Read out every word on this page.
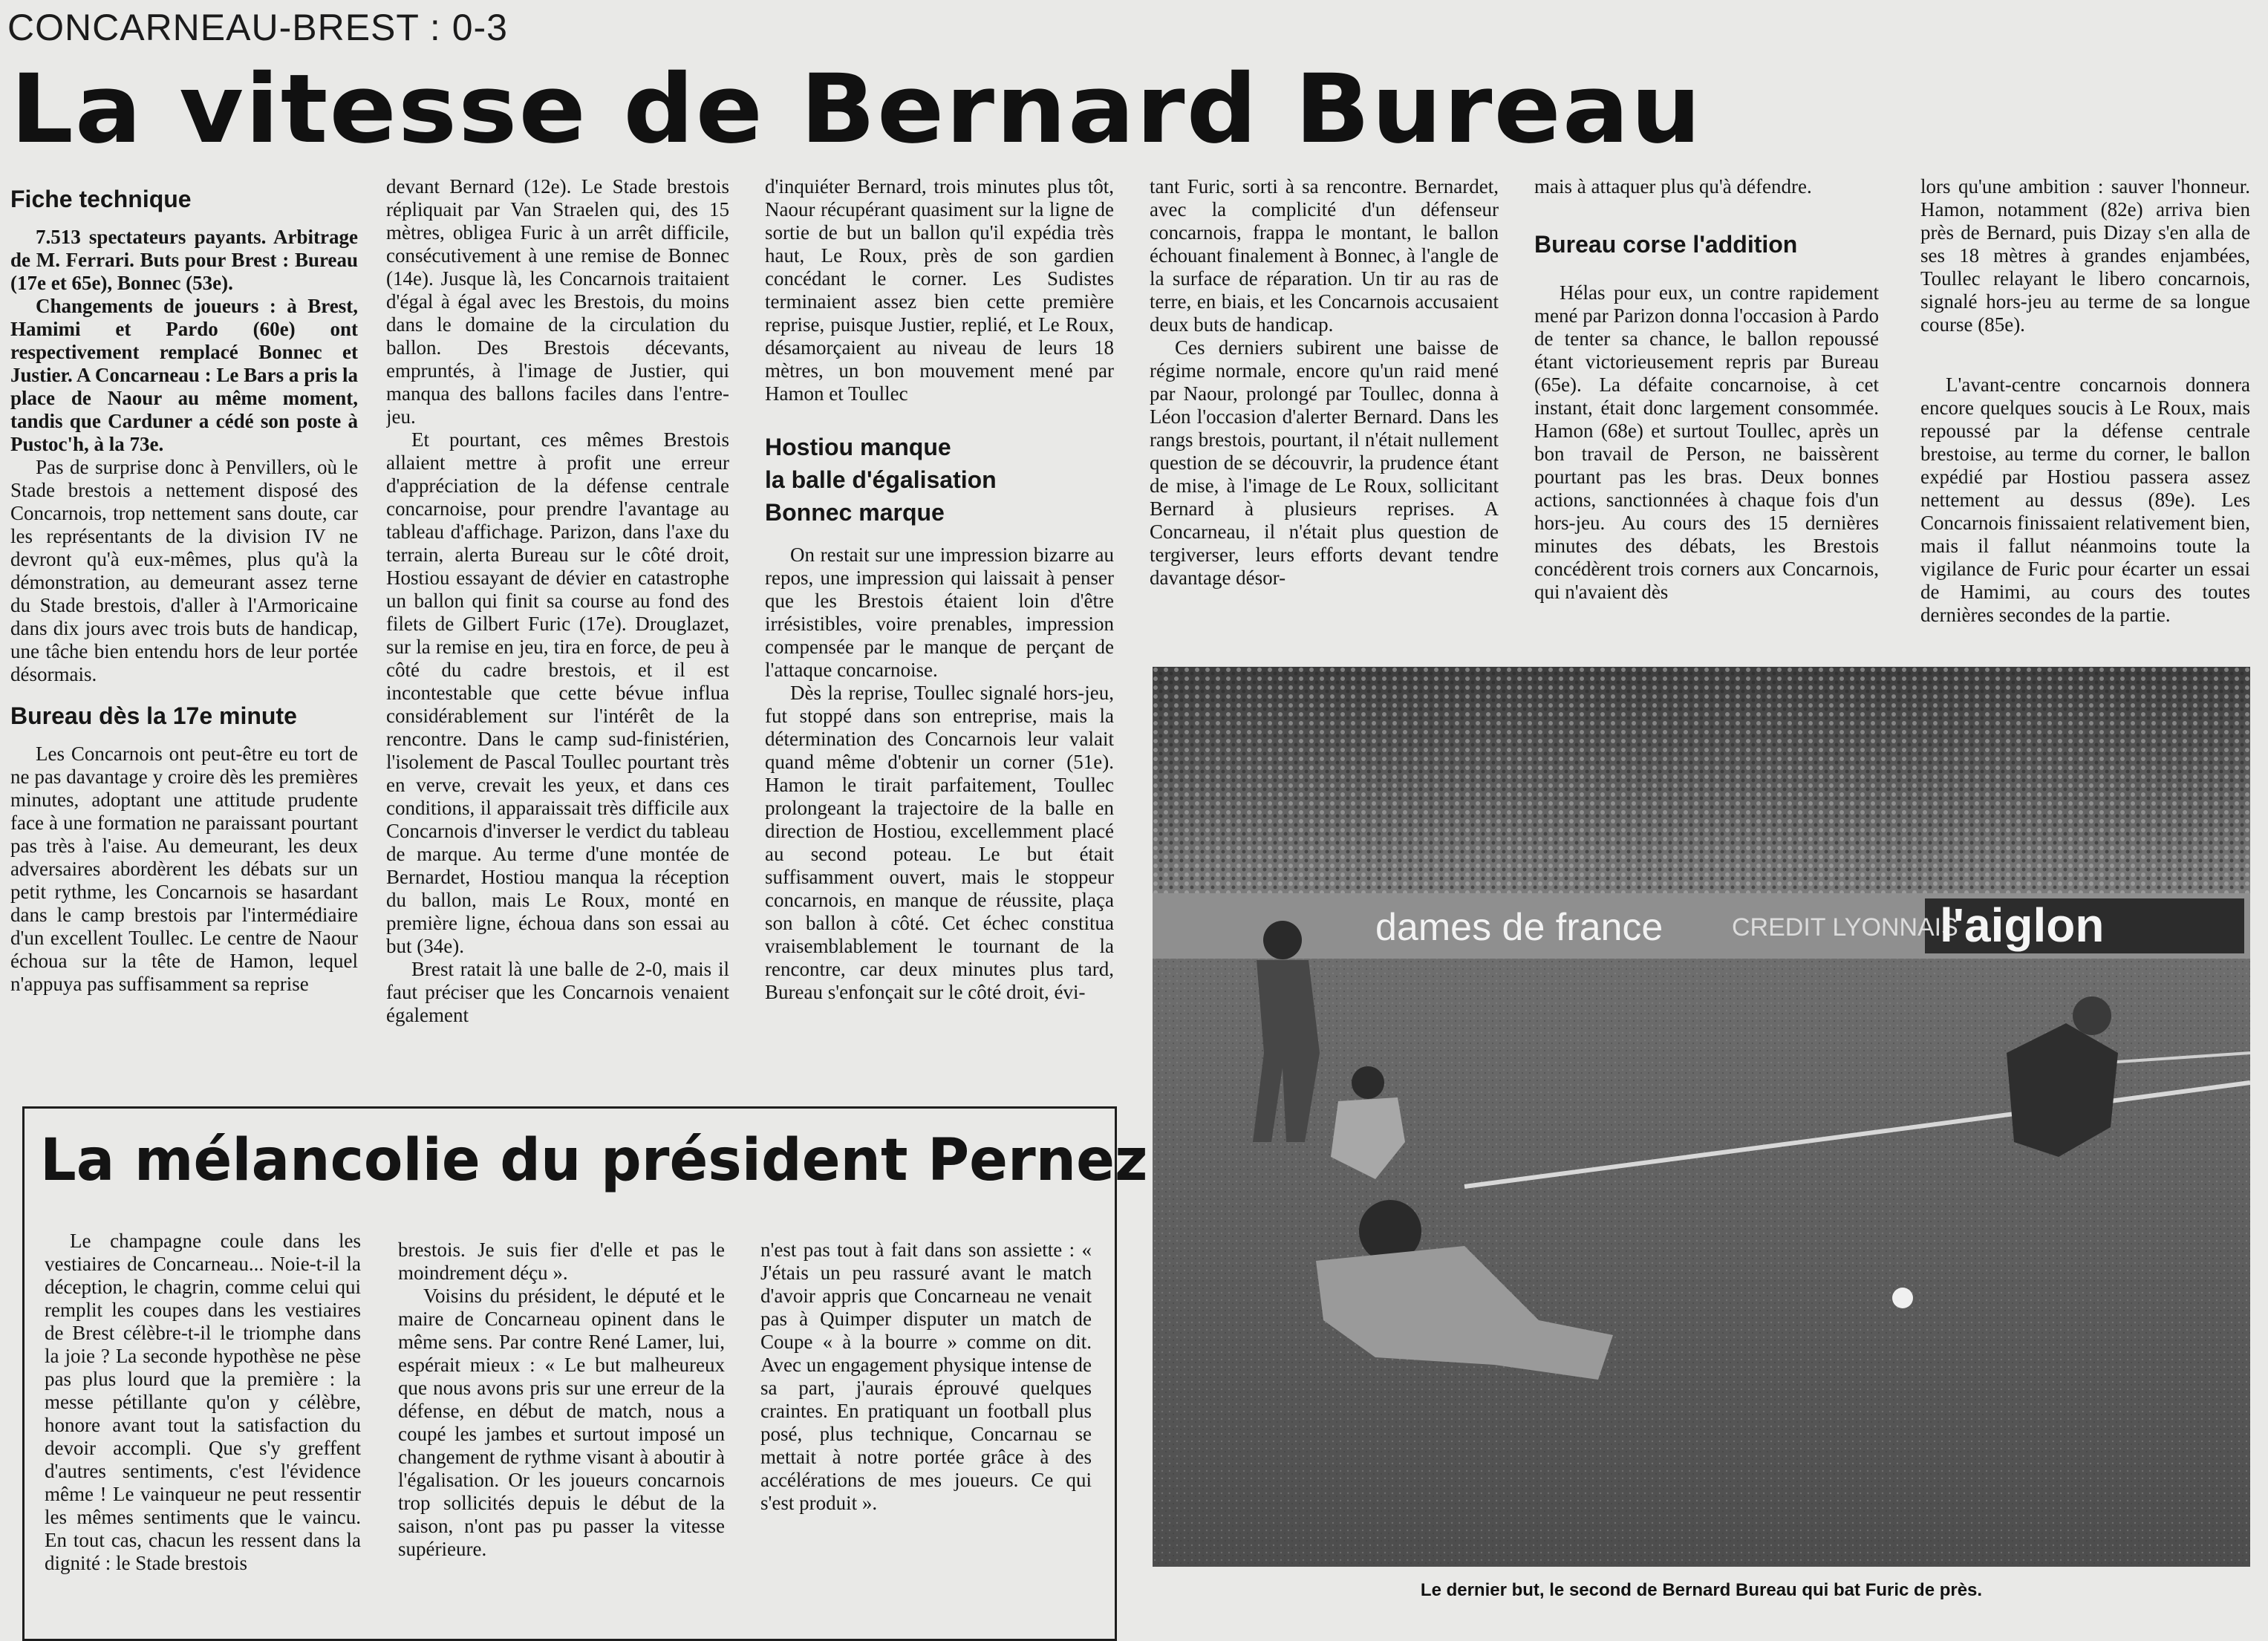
CONCARNEAU-BREST : 0-3
La vitesse de Bernard Bureau
Fiche technique

7.513 spectateurs payants. Arbitrage de M. Ferrari. Buts pour Brest : Bureau (17e et 65e), Bonnec (53e).

Changements de joueurs : à Brest, Hamimi et Pardo (60e) ont respectivement remplacé Bonnec et Justier. A Concarneau : Le Bars a pris la place de Naour au même moment, tandis que Carduner a cédé son poste à Pustoc'h, à la 73e.

Pas de surprise donc à Penvillers, où le Stade brestois a nettement disposé des Concarnois, trop nettement sans doute, car les représentants de la division IV ne devront qu'à eux-mêmes, plus qu'à la démonstration, au demeurant assez terne du Stade brestois, d'aller à l'Armoricaine dans dix jours avec trois buts de handicap, une tâche bien entendu hors de leur portée désormais.

Bureau dès la 17e minute

Les Concarnois ont peut-être eu tort de ne pas davantage y croire dès les premières minutes, adoptant une attitude prudente face à une formation ne paraissant pourtant pas très à l'aise. Au demeurant, les deux adversaires abordèrent les débats sur un petit rythme, les Concarnois se hasardant dans le camp brestois par l'intermédiaire d'un excellent Toullec. Le centre de Naour échoua sur la tête de Hamon, lequel n'appuya pas suffisamment sa reprise

devant Bernard (12e). Le Stade brestois répliquait par Van Straelen qui, des 15 mètres, obligea Furic à un arrêt difficile, consécutivement à une remise de Bonnec (14e). Jusque là, les Concarnois traitaient d'égal à égal avec les Brestois, du moins dans le domaine de la circulation du ballon. Des Brestois décevants, empruntés, à l'image de Justier, qui manqua des ballons faciles dans l'entre-jeu.

Et pourtant, ces mêmes Brestois allaient mettre à profit une erreur d'appréciation de la défense centrale concarnoise, pour prendre l'avantage au tableau d'affichage. Parizon, dans l'axe du terrain, alerta Bureau sur le côté droit, Hostiou essayant de dévier en catastrophe un ballon qui finit sa course au fond des filets de Gilbert Furic (17e). Drouglazet, sur la remise en jeu, tira en force, de peu à côté du cadre brestois, et il est incontestable que cette bévue influa considérablement sur l'intérêt de la rencontre. Dans le camp sud-finistérien, l'isolement de Pascal Toullec pourtant très en verve, crevait les yeux, et dans ces conditions, il apparaissait très difficile aux Concarnois d'inverser le verdict du tableau de marque. Au terme d'une montée de Bernardet, Hostiou manqua la réception du ballon, mais Le Roux, monté en première ligne, échoua dans son essai au but (34e).

Brest ratait là une balle de 2-0, mais il faut préciser que les Concarnois venaient également

d'inquiéter Bernard, trois minutes plus tôt, Naour récupérant quasiment sur la ligne de sortie de but un ballon qu'il expédia très haut, Le Roux, près de son gardien concédant le corner. Les Sudistes terminaient assez bien cette première reprise, puisque Justier, replié, et Le Roux, désamorçaient au niveau de leurs 18 mètres, un bon mouvement mené par Hamon et Toullec

Hostiou manque
la balle d'égalisation
Bonnec marque

On restait sur une impression bizarre au repos, une impression qui laissait à penser que les Brestois étaient loin d'être irrésistibles, voire prenables, impression compensée par le manque de perçant de l'attaque concarnoise.

Dès la reprise, Toullec signalé hors-jeu, fut stoppé dans son entreprise, mais la détermination des Concarnois leur valait quand même d'obtenir un corner (51e). Hamon le tirait parfaitement, Toullec prolongeant la trajectoire de la balle en direction de Hostiou, excellemment placé au second poteau. Le but était suffisamment ouvert, mais le stoppeur concarnois, en manque de réussite, plaça son ballon à côté. Cet échec constitua vraisemblablement le tournant de la rencontre, car deux minutes plus tard, Bureau s'enfonçait sur le côté droit, évi-

tant Furic, sorti à sa rencontre. Bernardet, avec la complicité d'un défenseur concarnois, frappa le montant, le ballon échouant finalement à Bonnec, à l'angle de la surface de réparation. Un tir au ras de terre, en biais, et les Concarnois accusaient deux buts de handicap.

Ces derniers subirent une baisse de régime normale, encore qu'un raid mené par Naour, prolongé par Toullec, donna à Léon l'occasion d'alerter Bernard. Dans les rangs brestois, pourtant, il n'était nullement question de se découvrir, la prudence étant de mise, à l'image de Le Roux, sollicitant Bernard à plusieurs reprises. A Concarneau, il n'était plus question de tergiverser, leurs efforts devant tendre davantage désor-

mais à attaquer plus qu'à défendre.

Bureau corse l'addition

Hélas pour eux, un contre rapidement mené par Parizon donna l'occasion à Pardo de tenter sa chance, le ballon repoussé étant victorieusement repris par Bureau (65e). La défaite concarnoise, à cet instant, était donc largement consommée. Hamon (68e) et surtout Toullec, après un bon travail de Person, ne baissèrent pourtant pas les bras. Deux bonnes actions, sanctionnées à chaque fois d'un hors-jeu. Au cours des 15 dernières minutes des débats, les Brestois concédèrent trois corners aux Concarnois, qui n'avaient dès

lors qu'une ambition : sauver l'honneur. Hamon, notamment (82e) arriva bien près de Bernard, puis Dizay s'en alla de ses 18 mètres à grandes enjambées, Toullec relayant le libero concarnois, signalé hors-jeu au terme de sa longue course (85e).

L'avant-centre concarnois donnera encore quelques soucis à Le Roux, mais repoussé par la défense centrale brestoise, au terme du corner, le ballon expédié par Hostiou passera assez nettement au dessus (89e). Les Concarnois finissaient relativement bien, mais il fallut néanmoins toute la vigilance de Furic pour écarter un essai de Hamimi, au cours des toutes dernières secondes de la partie.

La mélancolie du président Pernez

Le champagne coule dans les vestiaires de Concarneau... Noie-t-il la déception, le chagrin, comme celui qui remplit les coupes dans les vestiaires de Brest célèbre-t-il le triomphe dans la joie ? La seconde hypothèse ne pèse pas plus lourd que la première : la messe pétillante qu'on y célèbre, honore avant tout la satisfaction du devoir accompli. Que s'y greffent d'autres sentiments, c'est l'évidence même ! Le vainqueur ne peut ressentir les mêmes sentiments que le vaincu. En tout cas, chacun les ressent dans la dignité : le Stade brestois

brestois. Je suis fier d'elle et pas le moindrement déçu ».

Voisins du président, le député et le maire de Concarneau opinent dans le même sens. Par contre René Lamer, lui, espérait mieux : « Le but malheureux que nous avons pris sur une erreur de la défense, en début de match, nous a coupé les jambes et surtout imposé un changement de rythme visant à aboutir à l'égalisation. Or les joueurs concarnois trop sollicités depuis le début de la saison, n'ont pas pu passer la vitesse supérieure.

n'est pas tout à fait dans son assiette : « J'étais un peu rassuré avant le match d'avoir appris que Concarneau ne venait pas à Quimper disputer un match de Coupe « à la bourre » comme on dit. Avec un engagement physique intense de sa part, j'aurais éprouvé quelques craintes. En pratiquant un football plus posé, plus technique, Concarnau se mettait à notre portée grâce à des accélérations de mes joueurs. Ce qui s'est produit ».

dames de france	CREDIT LYONNAIS
l'aiglon
Le dernier but, le second de Bernard Bureau qui bat Furic de près.
